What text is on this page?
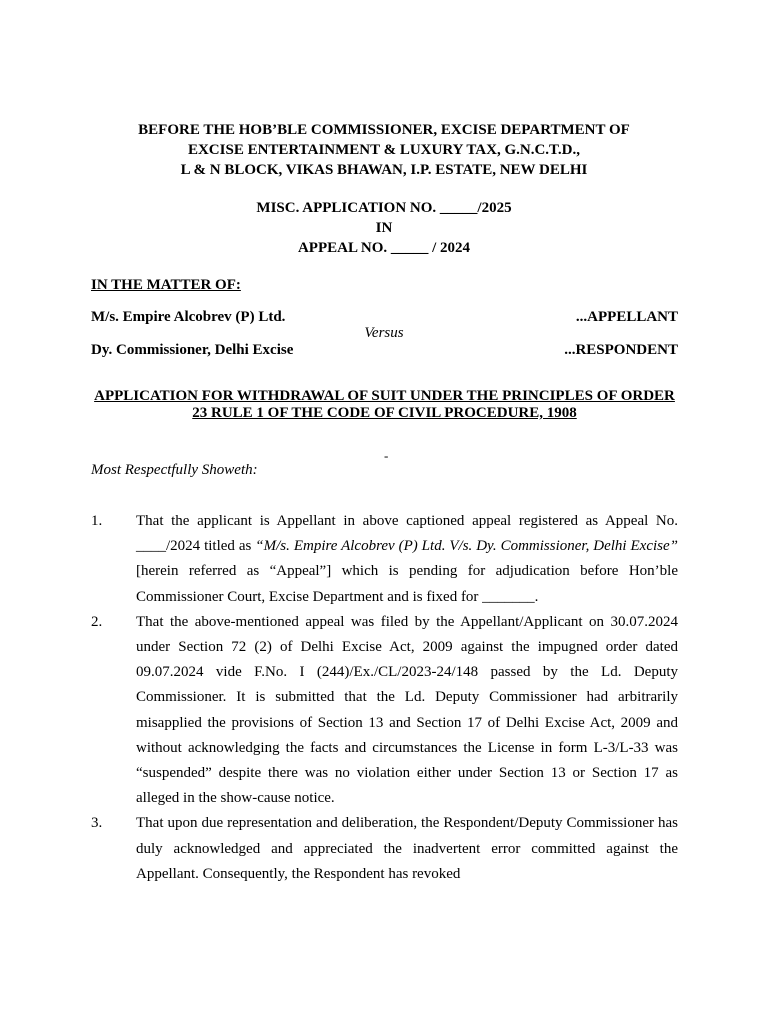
BEFORE THE HOB’BLE COMMISSIONER, EXCISE DEPARTMENT OF
EXCISE ENTERTAINMENT & LUXURY TAX, G.N.C.T.D.,
L & N BLOCK, VIKAS BHAWAN, I.P. ESTATE, NEW DELHI
MISC. APPLICATION NO. _____/2025
IN
APPEAL NO. _____ / 2024
IN THE MATTER OF:
M/s. Empire Alcobrev (P) Ltd.	...APPELLANT
Versus
Dy. Commissioner, Delhi Excise	...RESPONDENT
APPLICATION FOR WITHDRAWAL OF SUIT UNDER THE PRINCIPLES OF ORDER 23 RULE 1 OF THE CODE OF CIVIL PROCEDURE, 1908
-
Most Respectfully Showeth:
1.	That the applicant is Appellant in above captioned appeal registered as Appeal No. ____/2024 titled as “M/s. Empire Alcobrev (P) Ltd. V/s. Dy. Commissioner, Delhi Excise” [herein referred as “Appeal”] which is pending for adjudication before Hon’ble Commissioner Court, Excise Department and is fixed for _______.

2.	That the above-mentioned appeal was filed by the Appellant/Applicant on 30.07.2024 under Section 72 (2) of Delhi Excise Act, 2009 against the impugned order dated 09.07.2024 vide F.No. I (244)/Ex./CL/2023-24/148 passed by the Ld. Deputy Commissioner. It is submitted that the Ld. Deputy Commissioner had arbitrarily misapplied the provisions of Section 13 and Section 17 of Delhi Excise Act, 2009 and without acknowledging the facts and circumstances the License in form L-3/L-33 was “suspended” despite there was no violation either under Section 13 or Section 17 as alleged in the show-cause notice.

3.	That upon due representation and deliberation, the Respondent/Deputy Commissioner has duly acknowledged and appreciated the inadvertent error committed against the Appellant. Consequently, the Respondent has revoked
